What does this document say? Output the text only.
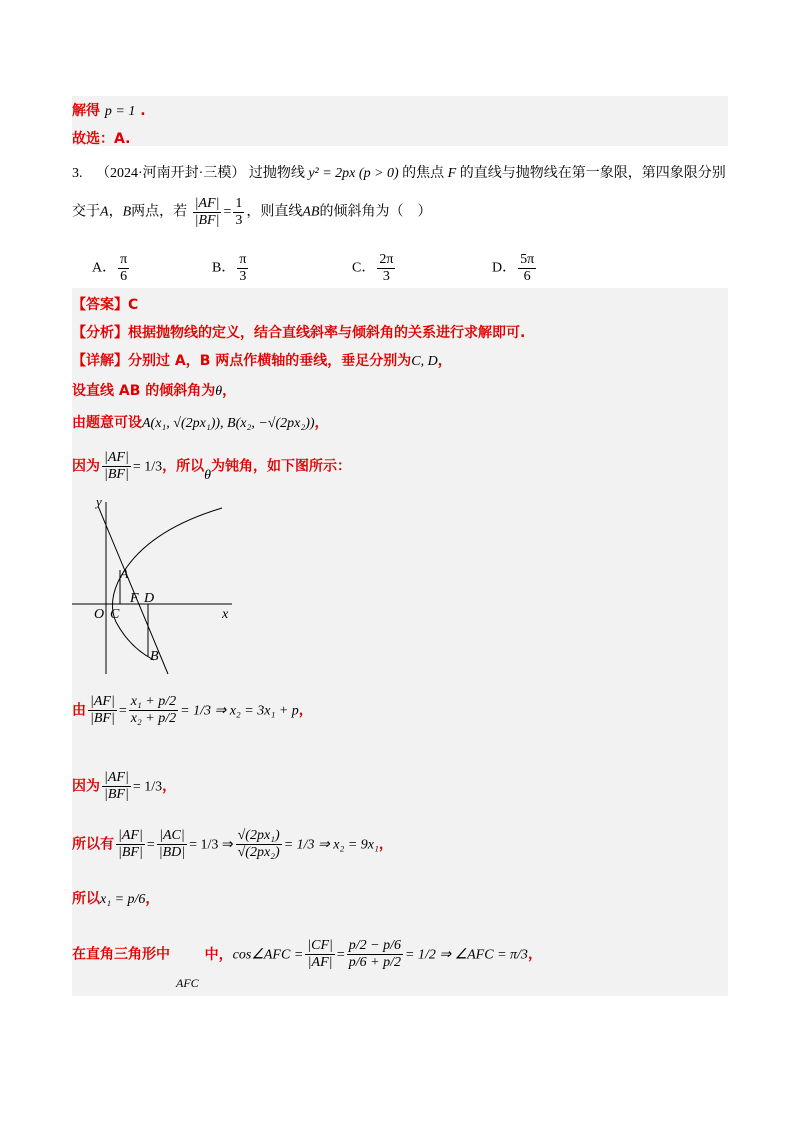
解得 p = 1 .
故选：A.
3. （2024·河南开封·三模） 过抛物线 y² = 2px (p > 0) 的焦点 F 的直线与抛物线在第一象限，第四象限分别
交于A，B两点，若 $\frac{|AF|}{|BF|} = \frac{1}{3}$ ，则直线AB的倾斜角为（　）
A． $\frac{\pi}{6}$	B． $\frac{\pi}{3}$	C． $\frac{2\pi}{3}$	D． $\frac{5\pi}{6}$
【答案】C
【分析】根据抛物线的定义，结合直线斜率与倾斜角的关系进行求解即可.
【详解】分别过 A，B 两点作横轴的垂线，垂足分别为C, D，
设直线 AB 的倾斜角为θ，
由题意可设A(x₁, √(2px₁)), B(x₂, −√(2px₂))，
因为 $\frac{|AF|}{|BF|} = 1/3$，所以θ为钝角，如下图所示：
y
x
O C
F D
A
B
由 $\frac{|AF|}{|BF|} = \frac{\text{x₁ + p/2}}{\text{x₂ + p/2}} = 1/3$ ⇒ x₂ = 3x₁ + p，
因为 $\frac{|AF|}{|BF|} = 1/3$，
所以有 $\frac{|AF|}{|BF|} = \frac{|AC|}{|BD|} = 1/3$ ⇒ $\frac{\text{√(2px₁)}}{\text{√(2px₂)}} = 1/3$ ⇒ x₂ = 9x₁，
所以x₁ = p/6，
在直角三角形中AFC中，cos∠AFC = $\frac{|CF|}{|AF|} = \frac{p/2 - p/6}{p/6 + p/2} = 1/2$ ⇒ ∠AFC = π/3，
